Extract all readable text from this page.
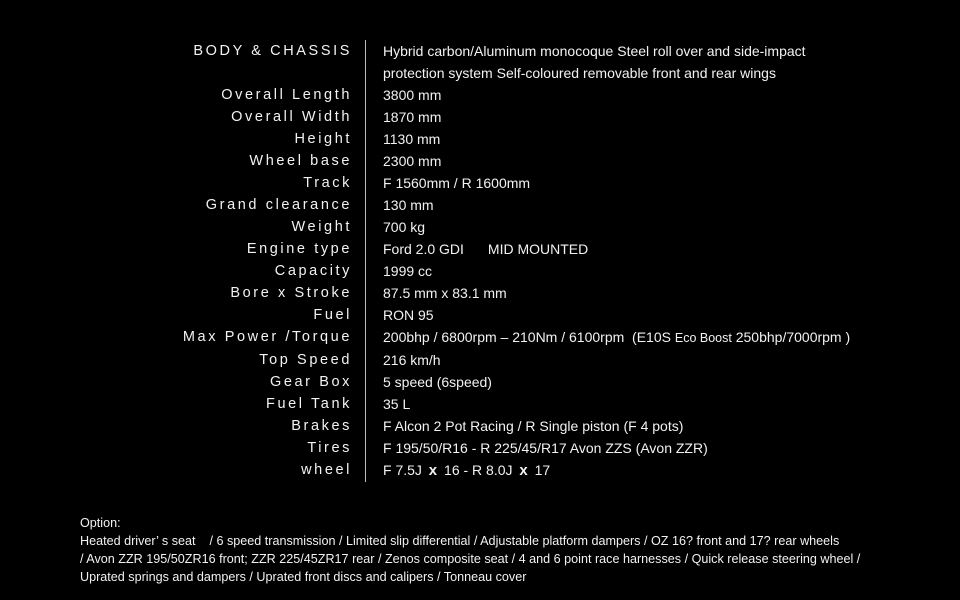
BODY & CHASSIS Hybrid carbon/Aluminum monocoque Steel roll over and side-impact
protection system Self-coloured removable front and rear wings
Overall Length 3800 mm
Overall Width 1870 mm
Height 1130 mm
Wheel base 2300 mm
Track F 1560mm / R 1600mm
Grand clearance 130 mm
Weight 700 kg
Engine type Ford 2.0 GDI MID MOUNTED
Capacity 1999 cc
Bore x Stroke 87.5 mm x 83.1 mm
Fuel RON 95
Max Power /Torque 200bhp / 6800rpm – 210Nm / 6100rpm (E10S Eco Boost 250bhp/7000rpm )
Top Speed 216 km/h
Gear Box 5 speed (6speed)
Fuel Tank 35 L
Brakes F Alcon 2 Pot Racing / R Single piston (F 4 pots)
Tires F 195/50/R16 - R 225/45/R17 Avon ZZS (Avon ZZR)
wheel F 7.5J x 16 - R 8.0J x 17
Option:
Heated driver’ s seat    / 6 speed transmission / Limited slip differential / Adjustable platform dampers / OZ 16? front and 17? rear wheels
/ Avon ZZR 195/50ZR16 front; ZZR 225/45ZR17 rear / Zenos composite seat / 4 and 6 point race harnesses / Quick release steering wheel /
Uprated springs and dampers / Uprated front discs and calipers / Tonneau cover
